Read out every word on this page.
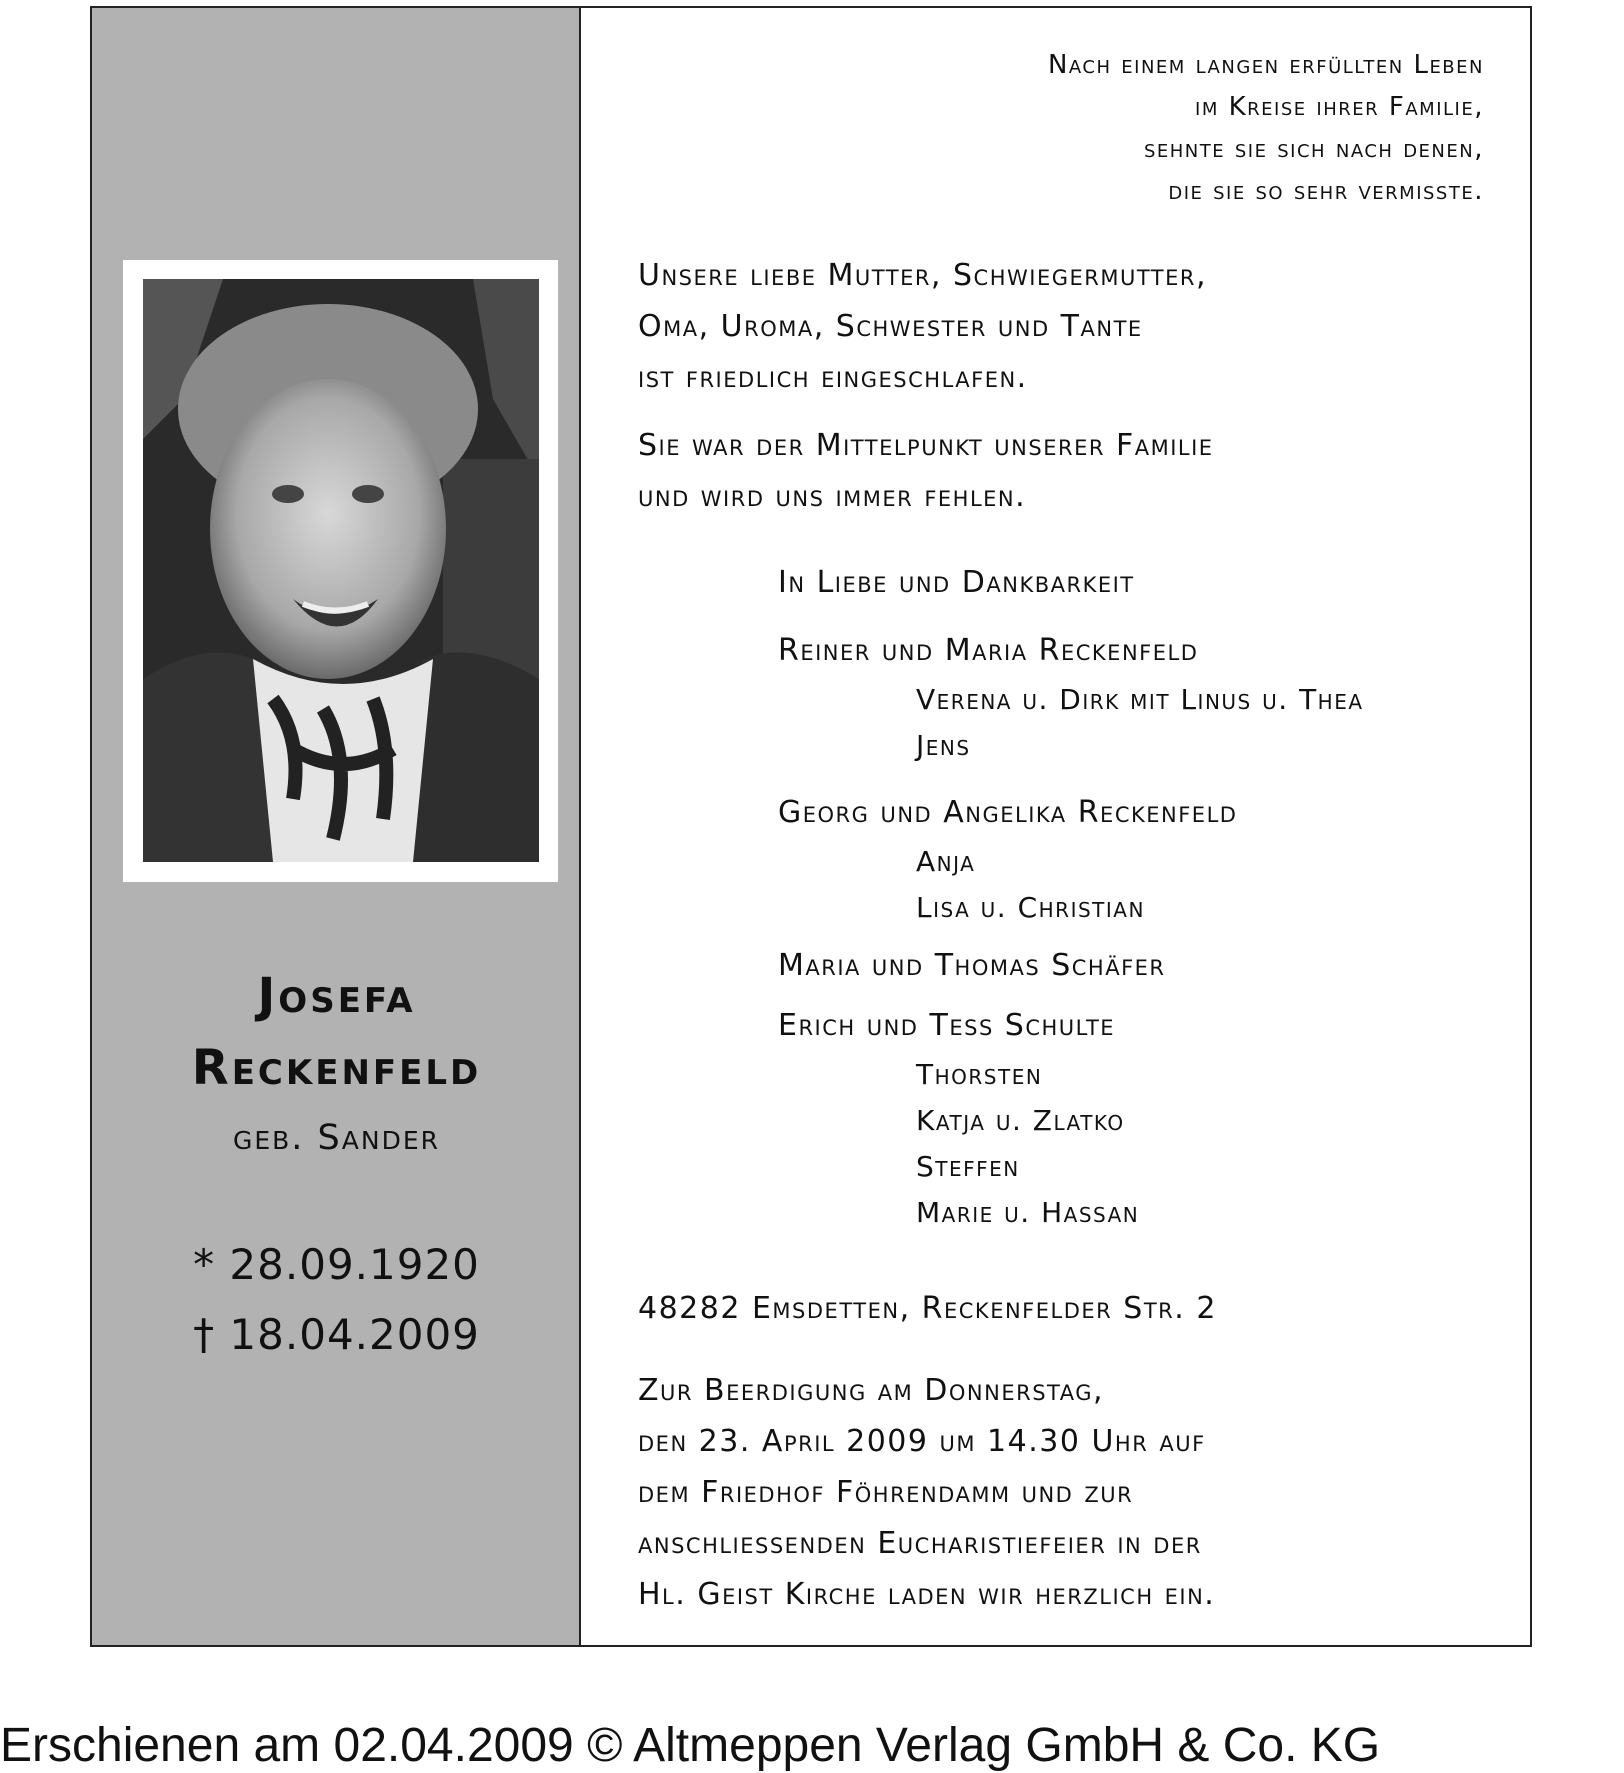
Josefa
Reckenfeld
geb. Sander
* 28.09.1920
† 18.04.2009
Nach einem langen erfüllten Leben
im Kreise ihrer Familie,
sehnte sie sich nach denen,
die sie so sehr vermisste.
Unsere liebe Mutter, Schwiegermutter,
Oma, Uroma, Schwester und Tante
ist friedlich eingeschlafen.
Sie war der Mittelpunkt unserer Familie
und wird uns immer fehlen.
In Liebe und Dankbarkeit
Reiner und Maria Reckenfeld
Verena u. Dirk mit Linus u. Thea
Jens
Georg und Angelika Reckenfeld
Anja
Lisa u. Christian
Maria und Thomas Schäfer
Erich und Tess Schulte
Thorsten
Katja u. Zlatko
Steffen
Marie u. Hassan
48282 Emsdetten, Reckenfelder Str. 2
Zur Beerdigung am Donnerstag,
den 23. April 2009 um 14.30 Uhr auf
dem Friedhof Föhrendamm und zur
anschliessenden Eucharistiefeier in der
Hl. Geist Kirche laden wir herzlich ein.
Erschienen am 02.04.2009 © Altmeppen Verlag GmbH & Co. KG
